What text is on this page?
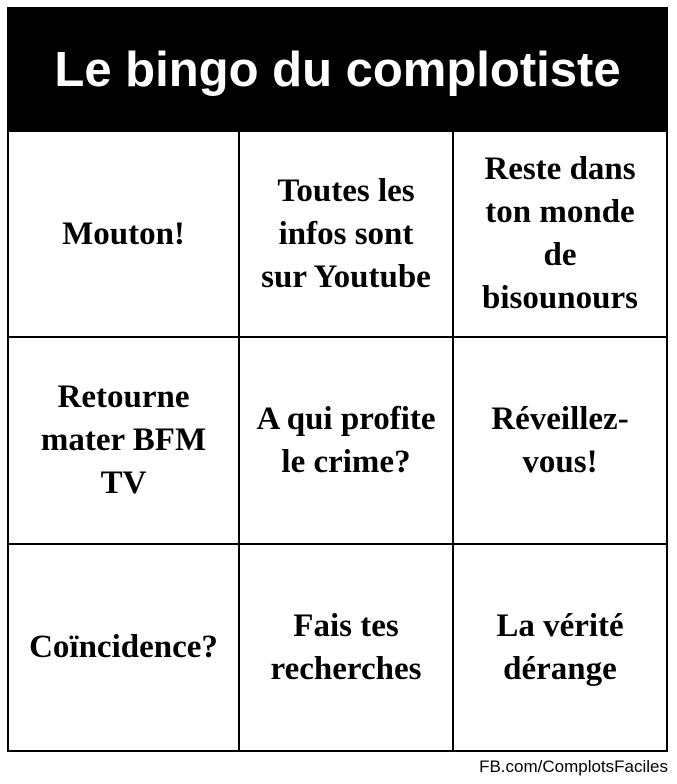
Le bingo du complotiste
Mouton!
Toutes les
infos sont
sur Youtube
Reste dans
ton monde
de
bisounours
Retourne
mater BFM
TV
A qui profite
le crime?
Réveillez-
vous!
Coïncidence?
Fais tes
recherches
La vérité
dérange
FB.com/ComplotsFaciles
